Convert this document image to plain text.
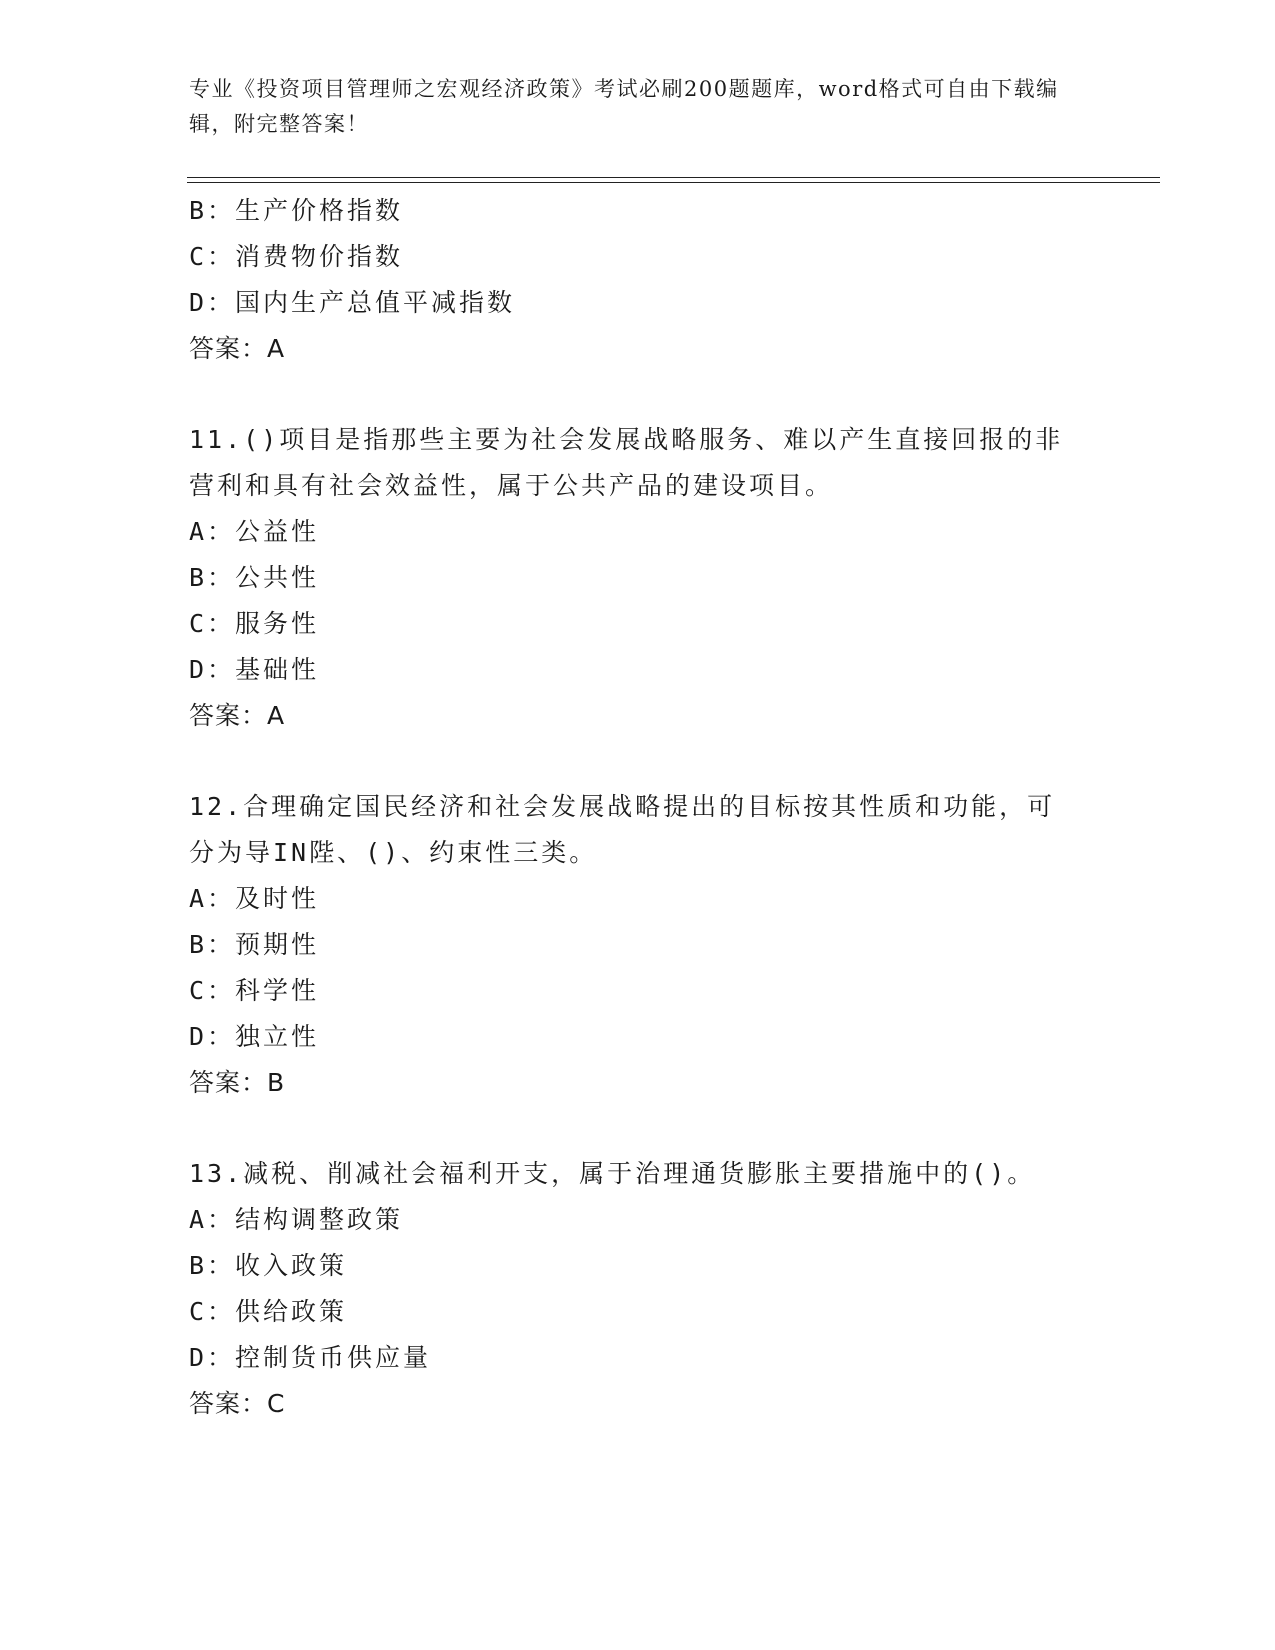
专业《投资项目管理师之宏观经济政策》考试必刷200题题库，word格式可自由下载编辑，附完整答案！
B：生产价格指数
C：消费物价指数
D：国内生产总值平减指数
答案：A
11.()项目是指那些主要为社会发展战略服务、难以产生直接回报的非营利和具有社会效益性，属于公共产品的建设项目。
A：公益性
B：公共性
C：服务性
D：基础性
答案：A
12.合理确定国民经济和社会发展战略提出的目标按其性质和功能，可分为导IN陛、()、约束性三类。
A：及时性
B：预期性
C：科学性
D：独立性
答案：B
13.减税、削减社会福利开支，属于治理通货膨胀主要措施中的()。
A：结构调整政策
B：收入政策
C：供给政策
D：控制货币供应量
答案：C
